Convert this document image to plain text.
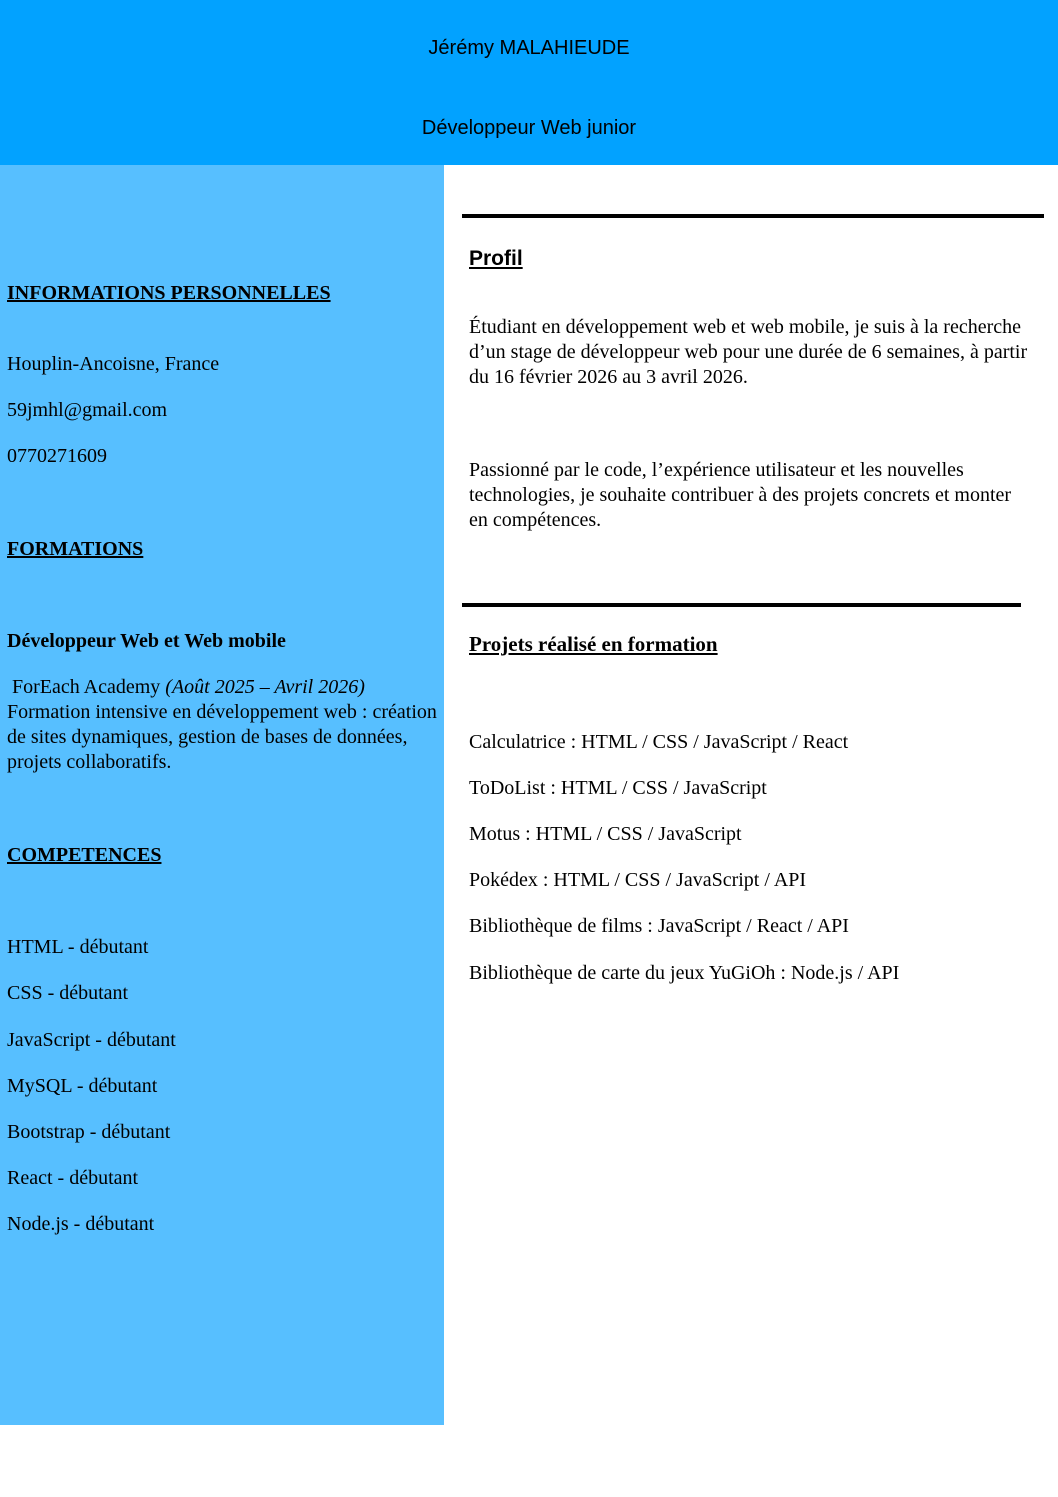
Jérémy MALAHIEUDE
Développeur Web junior
INFORMATIONS PERSONNELLES
Houplin-Ancoisne, France
59jmhl@gmail.com
0770271609
FORMATIONS
Développeur Web et Web mobile
ForEach Academy (Août 2025 – Avril 2026)
Formation intensive en développement web : création de sites dynamiques, gestion de bases de données, projets collaboratifs.
COMPETENCES
HTML - débutant
CSS - débutant
JavaScript - débutant
MySQL - débutant
Bootstrap - débutant
React - débutant
Node.js - débutant
Profil
Étudiant en développement web et web mobile, je suis à la recherche d’un stage de développeur web pour une durée de 6 semaines, à partir du 16 février 2026 au 3 avril 2026.
Passionné par le code, l’expérience utilisateur et les nouvelles technologies, je souhaite contribuer à des projets concrets et monter en compétences.
Projets réalisé en formation
Calculatrice : HTML / CSS / JavaScript / React
ToDoList : HTML / CSS / JavaScript
Motus : HTML / CSS / JavaScript
Pokédex : HTML / CSS / JavaScript / API
Bibliothèque de films : JavaScript / React / API
Bibliothèque de carte du jeux YuGiOh : Node.js / API
